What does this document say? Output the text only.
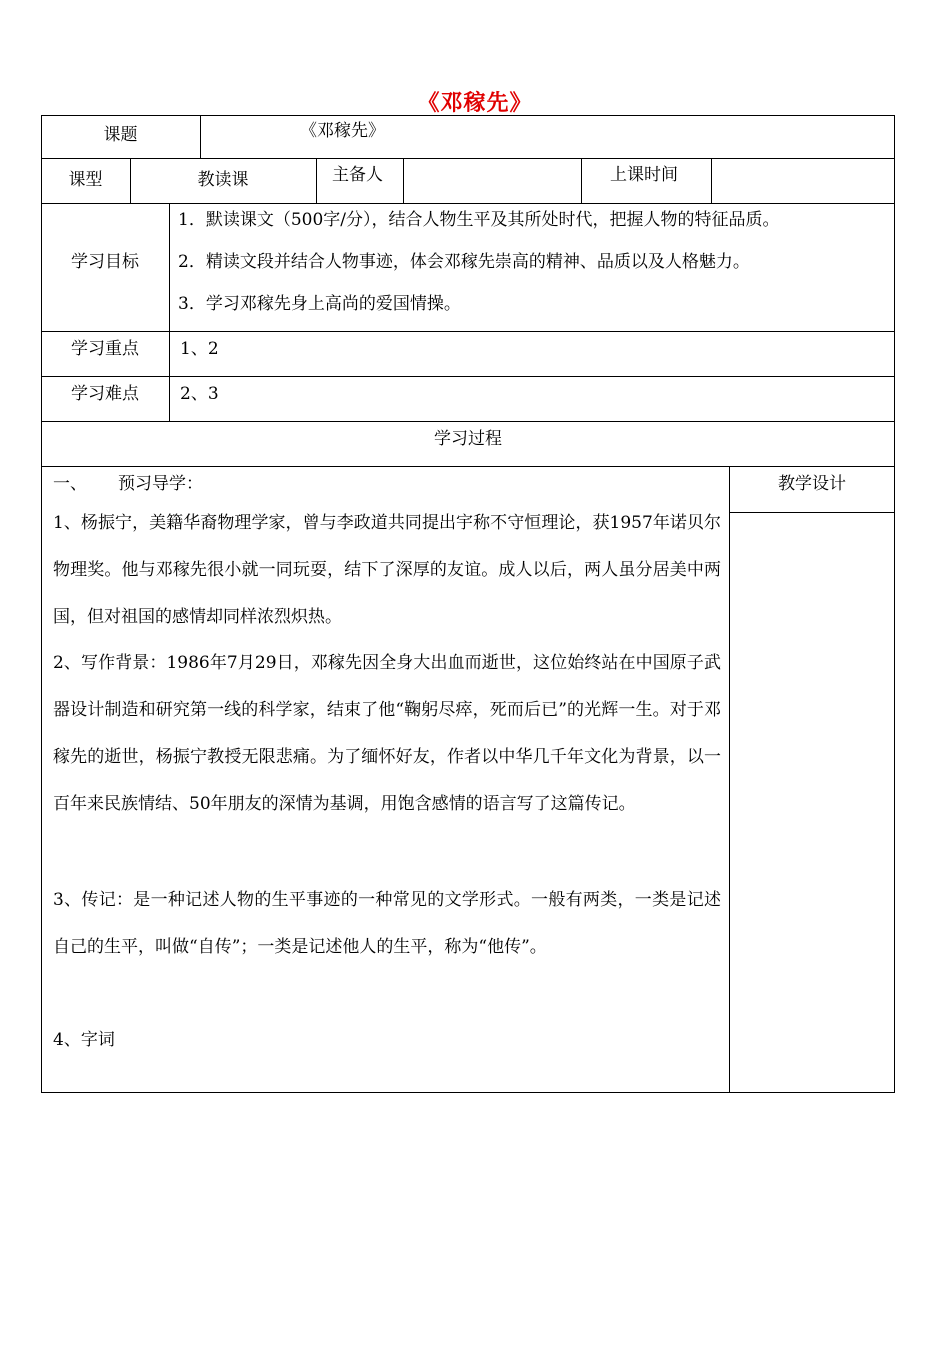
《邓稼先》
课题	《邓稼先》
课型	教读课	主备人	上课时间
学习目标
1．默读课文（500字/分），结合人物生平及其所处时代，把握人物的特征品质。
2．精读文段并结合人物事迹，体会邓稼先崇高的精神、品质以及人格魅力。
3．学习邓稼先身上高尚的爱国情操。
学习重点	1、2
学习难点	2、3
学习过程
教学设计
一、 预习导学：
1、杨振宁，美籍华裔物理学家，曾与李政道共同提出宇称不守恒理论，获1957年诺贝尔物理奖。他与邓稼先很小就一同玩耍，结下了深厚的友谊。成人以后，两人虽分居美中两国，但对祖国的感情却同样浓烈炽热。
2、写作背景：1986年7月29日，邓稼先因全身大出血而逝世，这位始终站在中国原子武器设计制造和研究第一线的科学家，结束了他“鞠躬尽瘁，死而后已”的光辉一生。对于邓稼先的逝世，杨振宁教授无限悲痛。为了缅怀好友，作者以中华几千年文化为背景，以一百年来民族情结、50年朋友的深情为基调，用饱含感情的语言写了这篇传记。
3、传记：是一种记述人物的生平事迹的一种常见的文学形式。一般有两类，一类是记述自己的生平，叫做“自传”；一类是记述他人的生平，称为“他传”。
4、字词
